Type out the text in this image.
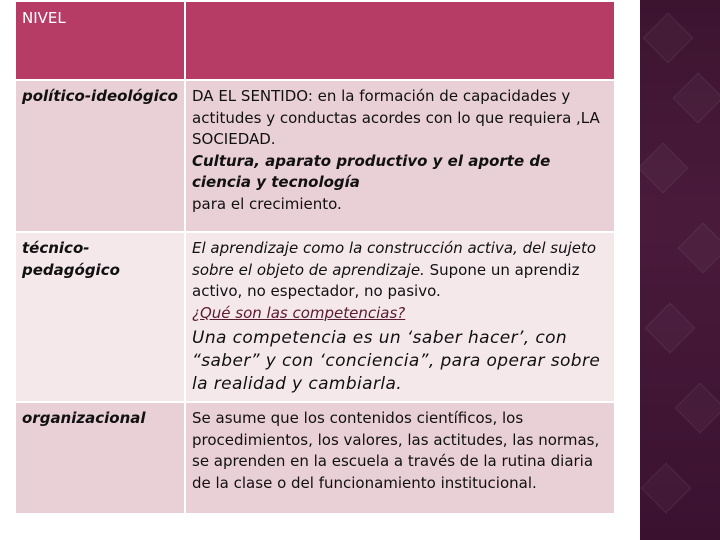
NIVEL	
político-ideológico	DA EL SENTIDO: en la formación de capacidades y actitudes y conductas acordes con lo que requiera ,LA SOCIEDAD.
Cultura, aparato productivo y el aporte de ciencia y tecnología
para el crecimiento.

técnico-pedagógico	El aprendizaje como la construcción activa, del sujeto sobre el objeto de aprendizaje. Supone un aprendiz activo, no espectador, no pasivo.
¿Qué son las competencias?
Una competencia es un ‘saber hacer’, con “saber” y con ‘conciencia”, para operar sobre la realidad y cambiarla.

organizacional	Se asume que los contenidos científicos, los procedimientos, los valores, las actitudes, las normas, se aprenden en la escuela a través de la rutina diaria de la clase o del funcionamiento institucional.
